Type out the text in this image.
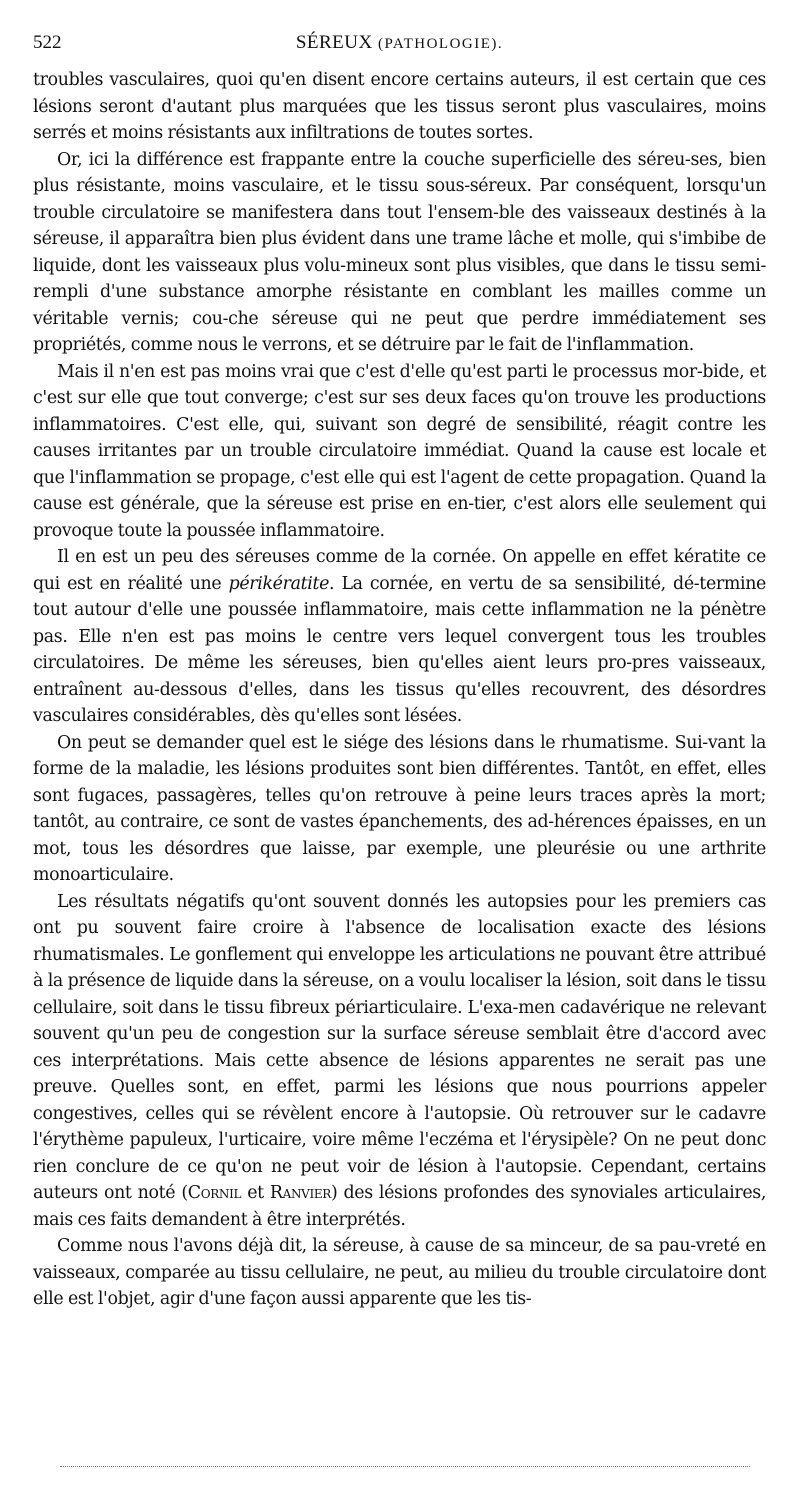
522	SÉREUX (PATHOLOGIE).

troubles vasculaires, quoi qu'en disent encore certains auteurs, il est certain que ces lésions seront d'autant plus marquées que les tissus seront plus vasculaires, moins serrés et moins résistants aux infiltrations de toutes sortes.

Or, ici la différence est frappante entre la couche superficielle des séreu-ses, bien plus résistante, moins vasculaire, et le tissu sous-séreux. Par conséquent, lorsqu'un trouble circulatoire se manifestera dans tout l'ensem-ble des vaisseaux destinés à la séreuse, il apparaîtra bien plus évident dans une trame lâche et molle, qui s'imbibe de liquide, dont les vaisseaux plus volu-mineux sont plus visibles, que dans le tissu semi-rempli d'une substance amorphe résistante en comblant les mailles comme un véritable vernis; cou-che séreuse qui ne peut que perdre immédiatement ses propriétés, comme nous le verrons, et se détruire par le fait de l'inflammation.

Mais il n'en est pas moins vrai que c'est d'elle qu'est parti le processus mor-bide, et c'est sur elle que tout converge; c'est sur ses deux faces qu'on trouve les productions inflammatoires. C'est elle, qui, suivant son degré de sensibilité, réagit contre les causes irritantes par un trouble circulatoire immédiat. Quand la cause est locale et que l'inflammation se propage, c'est elle qui est l'agent de cette propagation. Quand la cause est générale, que la séreuse est prise en en-tier, c'est alors elle seulement qui provoque toute la poussée inflammatoire.

Il en est un peu des séreuses comme de la cornée. On appelle en effet kératite ce qui est en réalité une périkératite. La cornée, en vertu de sa sensibilité, dé-termine tout autour d'elle une poussée inflammatoire, mais cette inflammation ne la pénètre pas. Elle n'en est pas moins le centre vers lequel convergent tous les troubles circulatoires. De même les séreuses, bien qu'elles aient leurs pro-pres vaisseaux, entraînent au-dessous d'elles, dans les tissus qu'elles recouvrent, des désordres vasculaires considérables, dès qu'elles sont lésées.

On peut se demander quel est le siége des lésions dans le rhumatisme. Sui-vant la forme de la maladie, les lésions produites sont bien différentes. Tantôt, en effet, elles sont fugaces, passagères, telles qu'on retrouve à peine leurs traces après la mort; tantôt, au contraire, ce sont de vastes épanchements, des ad-hérences épaisses, en un mot, tous les désordres que laisse, par exemple, une pleurésie ou une arthrite monoarticulaire.

Les résultats négatifs qu'ont souvent donnés les autopsies pour les premiers cas ont pu souvent faire croire à l'absence de localisation exacte des lésions rhumatismales. Le gonflement qui enveloppe les articulations ne pouvant être attribué à la présence de liquide dans la séreuse, on a voulu localiser la lésion, soit dans le tissu cellulaire, soit dans le tissu fibreux périarticulaire. L'exa-men cadavérique ne relevant souvent qu'un peu de congestion sur la surface séreuse semblait être d'accord avec ces interprétations. Mais cette absence de lésions apparentes ne serait pas une preuve. Quelles sont, en effet, parmi les lésions que nous pourrions appeler congestives, celles qui se révèlent encore à l'autopsie. Où retrouver sur le cadavre l'érythème papuleux, l'urticaire, voire même l'eczéma et l'érysipèle? On ne peut donc rien conclure de ce qu'on ne peut voir de lésion à l'autopsie. Cependant, certains auteurs ont noté (Cornil et Ranvier) des lésions profondes des synoviales articulaires, mais ces faits demandent à être interprétés.

Comme nous l'avons déjà dit, la séreuse, à cause de sa minceur, de sa pau-vreté en vaisseaux, comparée au tissu cellulaire, ne peut, au milieu du trouble circulatoire dont elle est l'objet, agir d'une façon aussi apparente que les tis-
